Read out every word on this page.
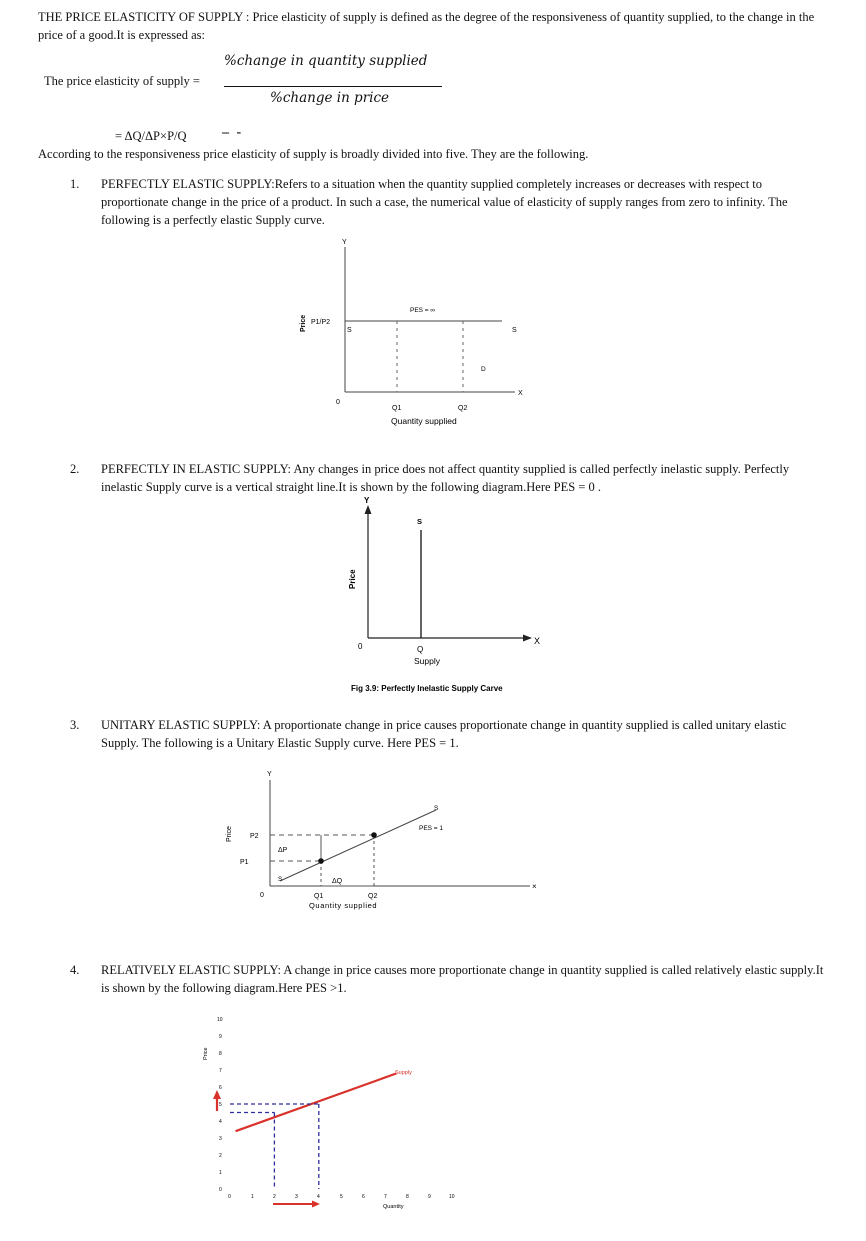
THE PRICE ELASTICITY OF SUPPLY : Price elasticity of supply is defined as the degree of the responsiveness of quantity supplied, to the change in the price of a good.It is expressed as:
The price elasticity of supply =
%change in quantity supplied
%change in price
= ΔQ/ΔP×P/Q	– -
According to the responsiveness price elasticity of supply is broadly divided into five. They are the following.
1. PERFECTLY ELASTIC SUPPLY:Refers to a situation when the quantity supplied completely increases or decreases with respect to proportionate change in the price of a product. In such a case, the numerical value of elasticity of supply ranges from zero to infinity. The following is a perfectly elastic Supply curve.
Y
X
0
Price P1/P2
S	S
PES = ∞
D
Q1	Q2
Quantity supplied
2. PERFECTLY IN ELASTIC SUPPLY: Any changes in price does not affect quantity supplied is called perfectly inelastic supply. Perfectly inelastic Supply curve is a vertical straight line.It is shown by the following diagram.Here PES = 0 .
Y
X
0
S
Price
Q
Supply
Fig 3.9: Perfectly Inelastic Supply Carve
3. UNITARY ELASTIC SUPPLY: A proportionate change in price causes proportionate change in quantity supplied is called unitary elastic Supply. The following is a Unitary Elastic Supply curve. Here PES = 1.
Y
×
0
Price P2
P1
S
S
PES = 1
ΔP
ΔQ
Q1	Q2
Quantity supplied
4. RELATIVELY ELASTIC SUPPLY: A change in price causes more proportionate change in quantity supplied is called relatively elastic supply.It is shown by the following diagram.Here PES >1.
Price
10
9
8
7
6
5
4
3
2
1
0
0	1	2	3	4	5	6	7	8	9	10
Supply
Quantity
